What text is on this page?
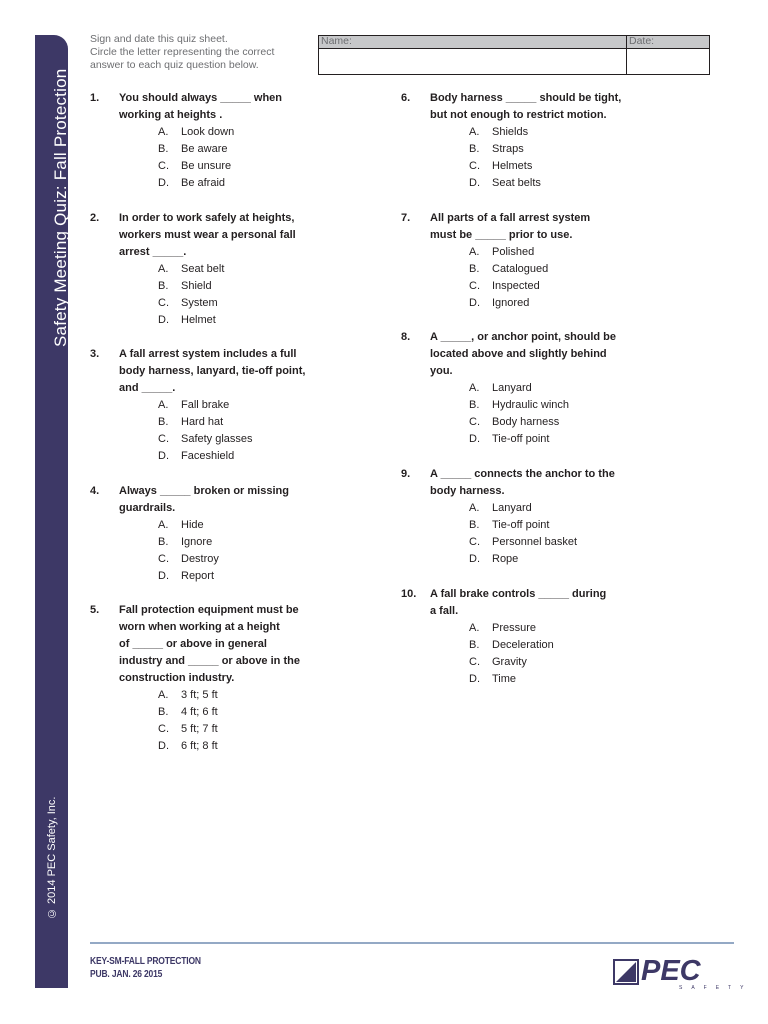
Safety Meeting Quiz: Fall Protection
© 2014 PEC Safety, Inc.
Sign and date this quiz sheet.
Circle the letter representing the correct
answer to each quiz question below.
Name:	Date:
1. You should always _____ when
working at heights .
A. Look down
B. Be aware
C. Be unsure
D. Be afraid
2. In order to work safely at heights,
workers must wear a personal fall
arrest _____.
A. Seat belt
B. Shield
C. System
D. Helmet
3. A fall arrest system includes a full
body harness, lanyard, tie-off point,
and _____.
A. Fall brake
B. Hard hat
C. Safety glasses
D. Faceshield
4. Always _____ broken or missing
guardrails.
A. Hide
B. Ignore
C. Destroy
D. Report
5. Fall protection equipment must be
worn when working at a height
of _____ or above in general
industry and _____ or above in the
construction industry.
A. 3 ft; 5 ft
B. 4 ft; 6 ft
C. 5 ft; 7 ft
D. 6 ft; 8 ft
6. Body harness _____ should be tight,
but not enough to restrict motion.
A. Shields
B. Straps
C. Helmets
D. Seat belts
7. All parts of a fall arrest system
must be _____ prior to use.
A. Polished
B. Catalogued
C. Inspected
D. Ignored
8. A _____, or anchor point, should be
located above and slightly behind
you.
A. Lanyard
B. Hydraulic winch
C. Body harness
D. Tie-off point
9. A _____ connects the anchor to the
body harness.
A. Lanyard
B. Tie-off point
C. Personnel basket
D. Rope
10. A fall brake controls _____ during
a fall.
A. Pressure
B. Deceleration
C. Gravity
D. Time
KEY-SM-FALL PROTECTION
PUB. JAN. 26 2015	PEC
SAFETY
